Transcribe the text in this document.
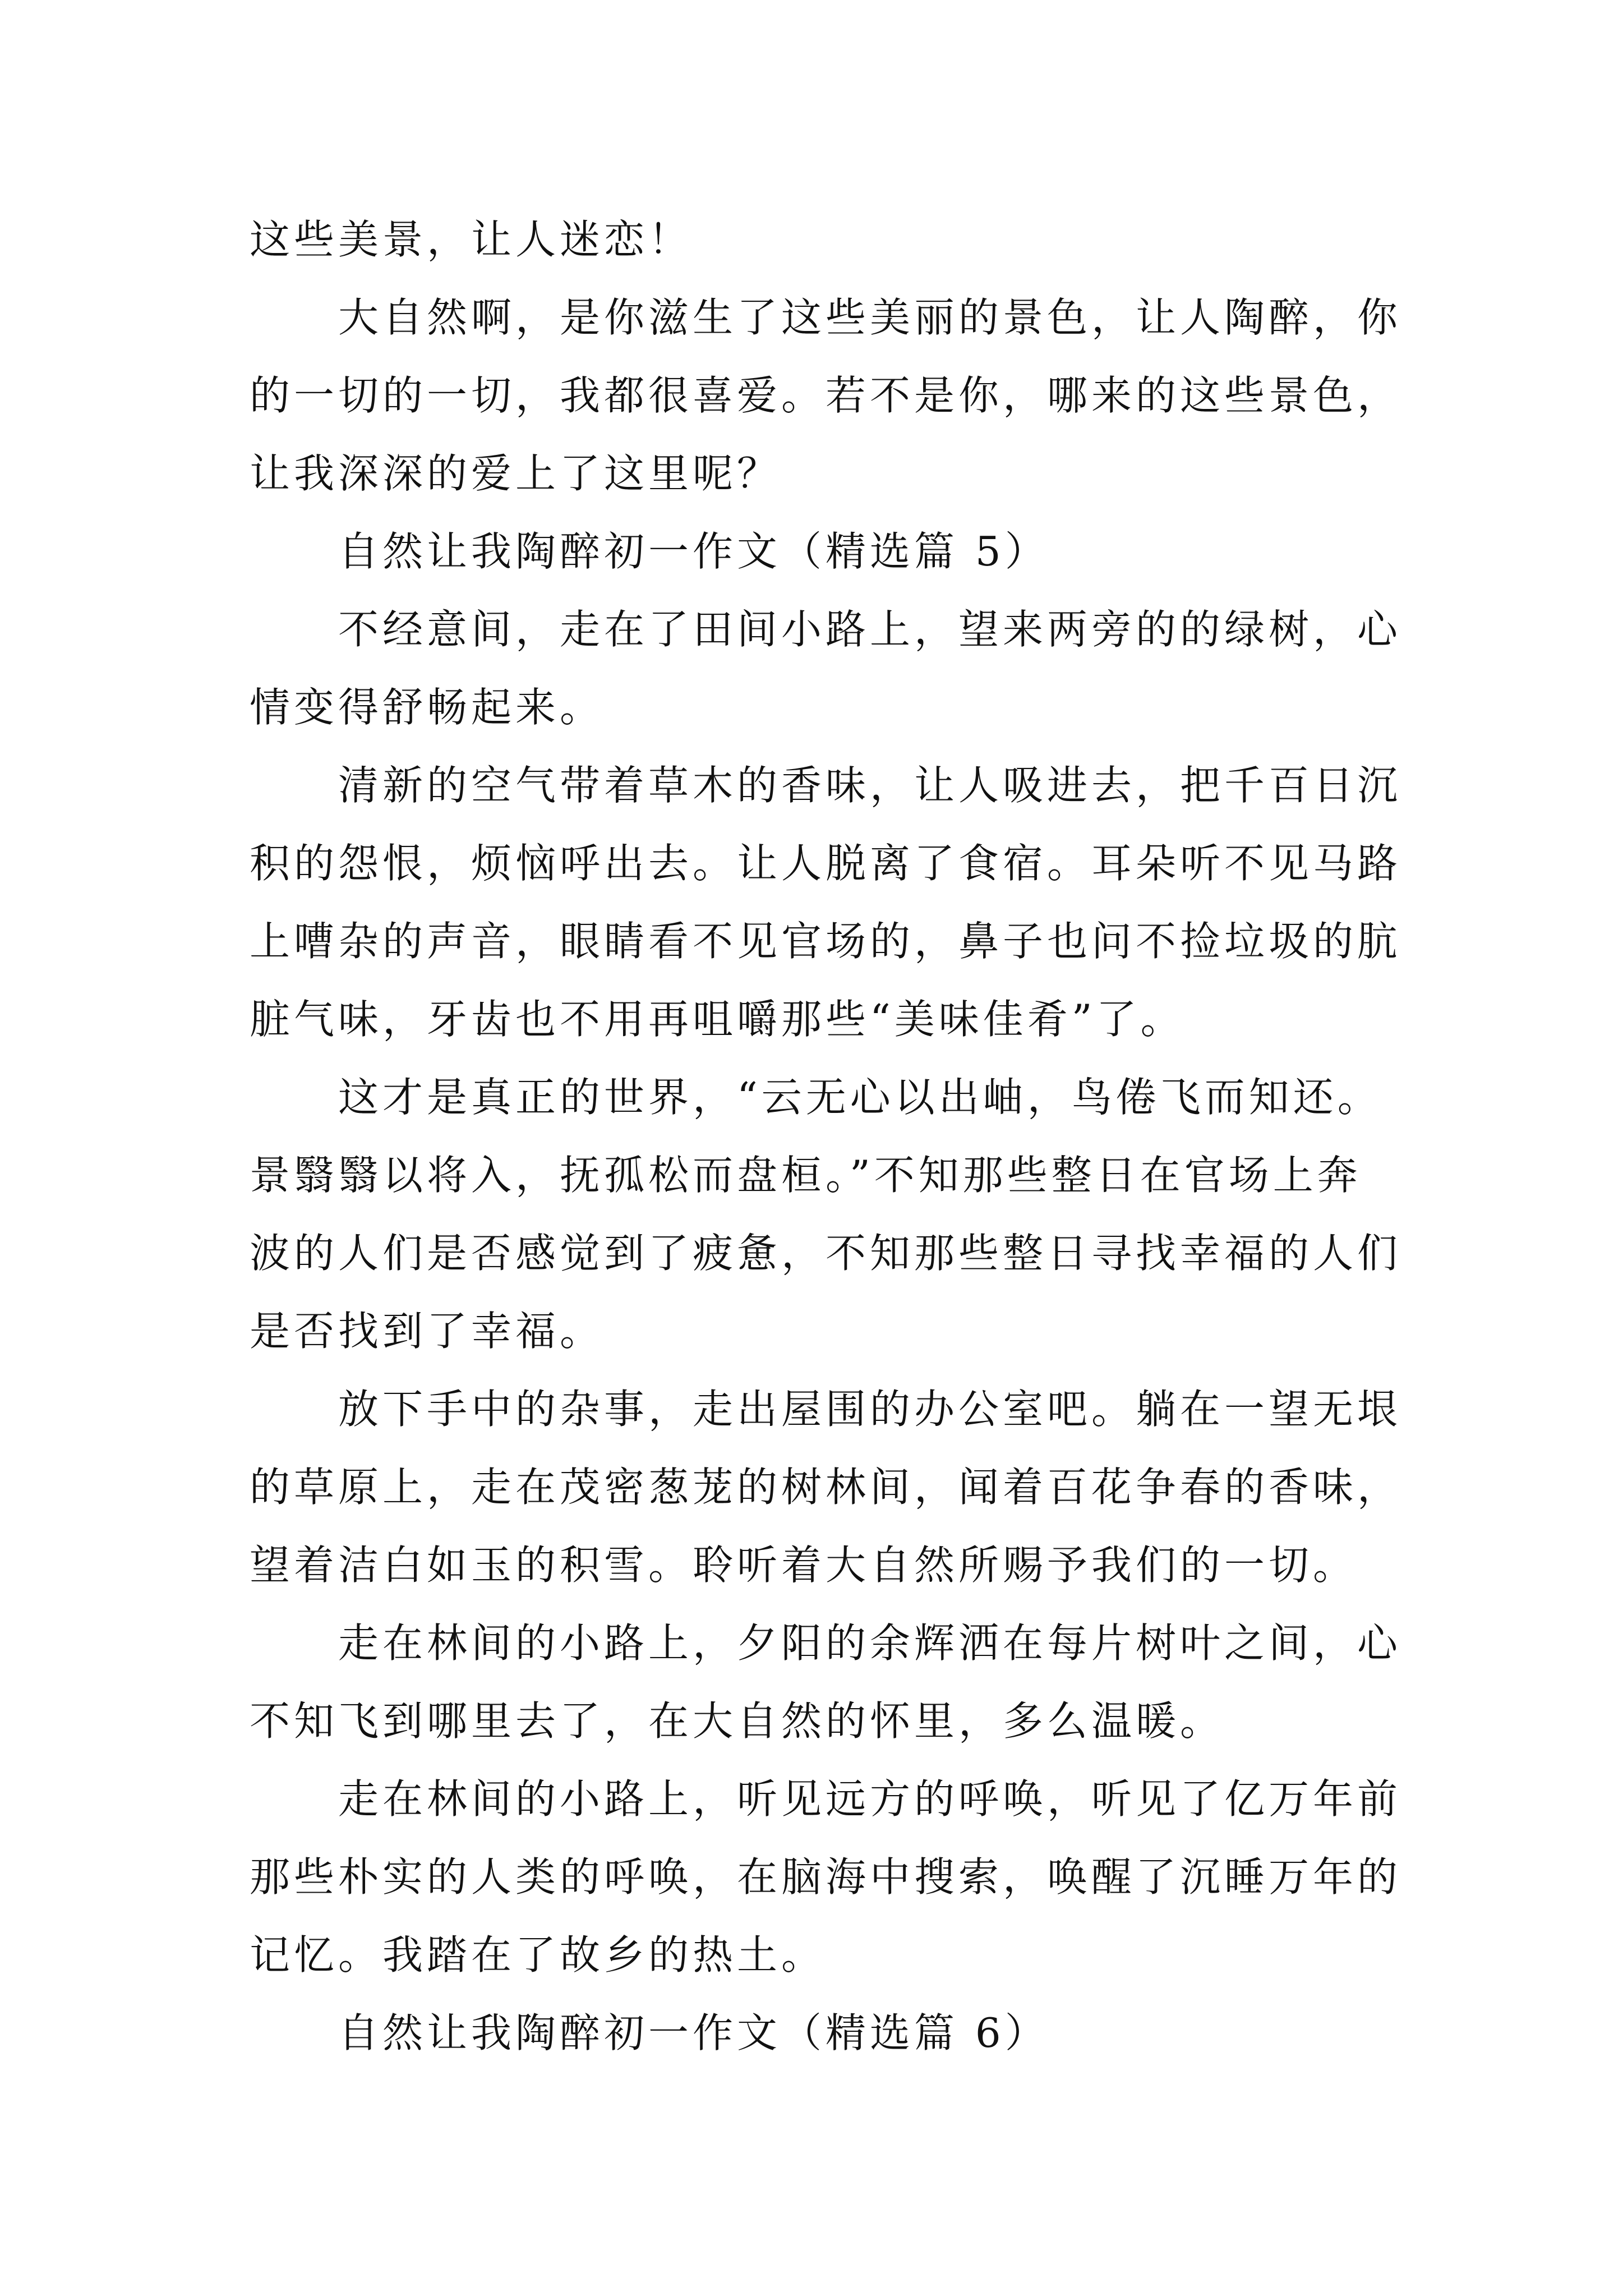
这些美景，让人迷恋！
大自然啊，是你滋生了这些美丽的景色，让人陶醉，你
的一切的一切，我都很喜爱。若不是你，哪来的这些景色，
让我深深的爱上了这里呢？
自然让我陶醉初一作文（精选篇 5）
不经意间，走在了田间小路上，望来两旁的的绿树，心
情变得舒畅起来。
清新的空气带着草木的香味，让人吸进去，把千百日沉
积的怨恨，烦恼呼出去。让人脱离了食宿。耳朵听不见马路
上嘈杂的声音，眼睛看不见官场的，鼻子也问不捡垃圾的肮
脏气味，牙齿也不用再咀嚼那些“美味佳肴”了。
这才是真正的世界，“云无心以出岫，鸟倦飞而知还。
景翳翳以将入，抚孤松而盘桓。”不知那些整日在官场上奔
波的人们是否感觉到了疲惫，不知那些整日寻找幸福的人们
是否找到了幸福。
放下手中的杂事，走出屋围的办公室吧。躺在一望无垠
的草原上，走在茂密葱茏的树林间，闻着百花争春的香味，
望着洁白如玉的积雪。聆听着大自然所赐予我们的一切。
走在林间的小路上，夕阳的余辉洒在每片树叶之间，心
不知飞到哪里去了，在大自然的怀里，多么温暖。
走在林间的小路上，听见远方的呼唤，听见了亿万年前
那些朴实的人类的呼唤，在脑海中搜索，唤醒了沉睡万年的
记忆。我踏在了故乡的热土。
自然让我陶醉初一作文（精选篇 6）
